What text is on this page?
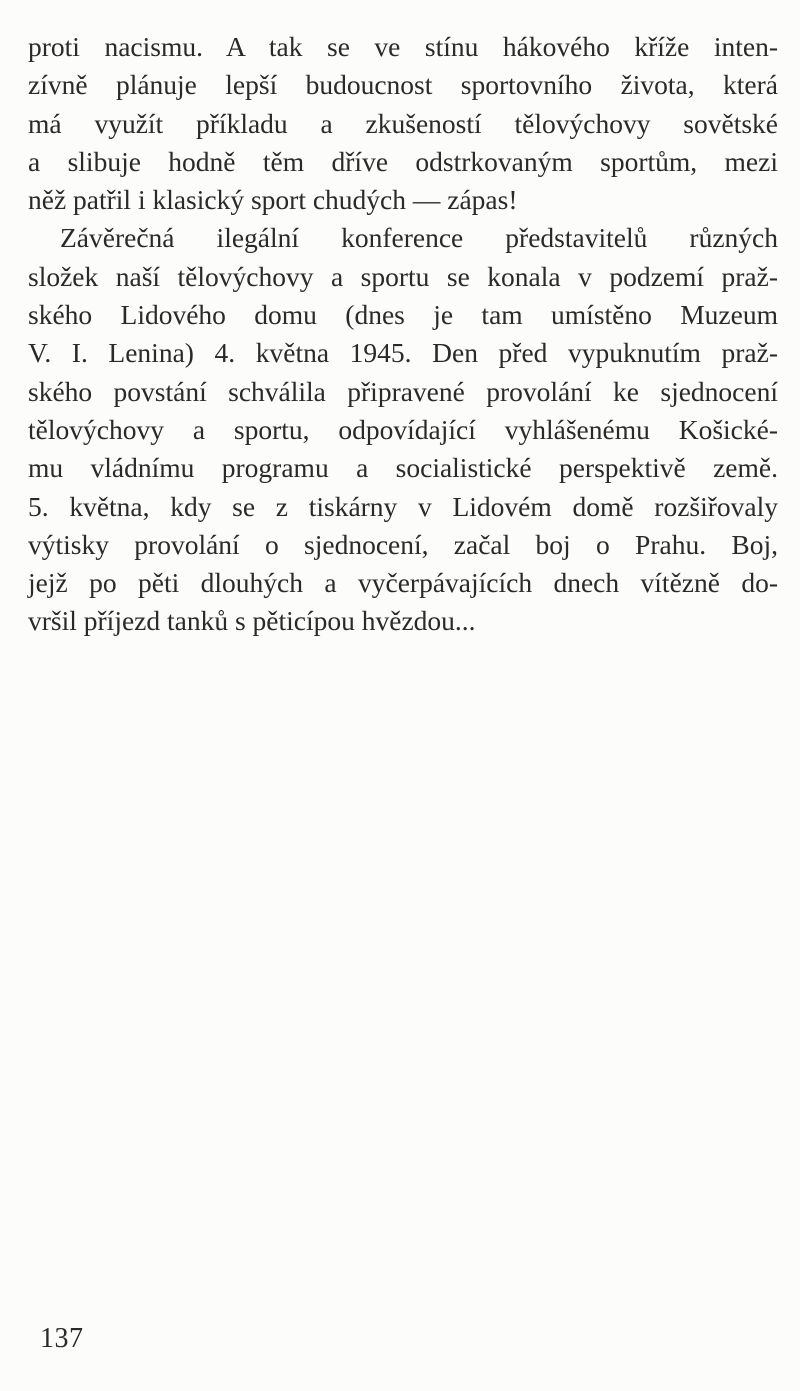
proti nacismu. A tak se ve stínu hákového kříže inten-
zívně plánuje lepší budoucnost sportovního života, která
má využít příkladu a zkušeností tělovýchovy sovětské
a slibuje hodně těm dříve odstrkovaným sportům, mezi
něž patřil i klasický sport chudých — zápas!
Závěrečná ilegální konference představitelů různých
složek naší tělovýchovy a sportu se konala v podzemí praž-
ského Lidového domu (dnes je tam umístěno Muzeum
V. I. Lenina) 4. května 1945. Den před vypuknutím praž-
ského povstání schválila připravené provolání ke sjednocení
tělovýchovy a sportu, odpovídající vyhlášenému Košické-
mu vládnímu programu a socialistické perspektivě země.
5. května, kdy se z tiskárny v Lidovém domě rozšiřovaly
výtisky provolání o sjednocení, začal boj o Prahu. Boj,
jejž po pěti dlouhých a vyčerpávajících dnech vítězně do-
vršil příjezd tanků s pěticípou hvězdou...
137
